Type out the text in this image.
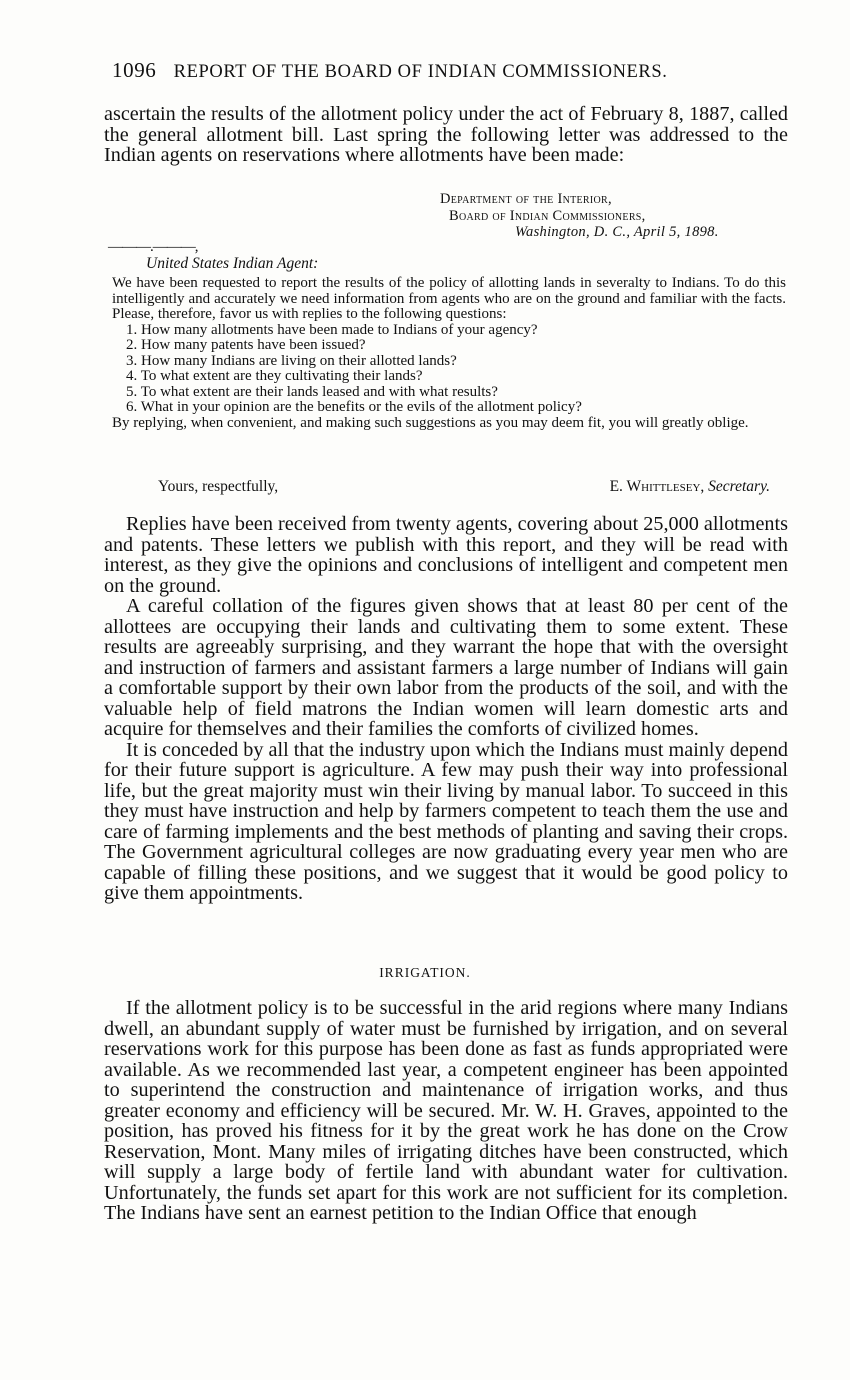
1096 REPORT OF THE BOARD OF INDIAN COMMISSIONERS.

ascertain the results of the allotment policy under the act of February 8, 1887, called the general allotment bill. Last spring the following letter was addressed to the Indian agents on reservations where allotments have been made:

Department of the Interior,
Board of Indian Commissioners,
Washington, D. C., April 5, 1898.
———.———,
United States Indian Agent:

We have been requested to report the results of the policy of allotting lands in severalty to Indians. To do this intelligently and accurately we need information from agents who are on the ground and familiar with the facts. Please, therefore, favor us with replies to the following questions:

1. How many allotments have been made to Indians of your agency?

2. How many patents have been issued?

3. How many Indians are living on their allotted lands?

4. To what extent are they cultivating their lands?

5. To what extent are their lands leased and with what results?

6. What in your opinion are the benefits or the evils of the allotment policy?

By replying, when convenient, and making such suggestions as you may deem fit, you will greatly oblige.

Yours, respectfully,	E. Whittlesey, Secretary.

Replies have been received from twenty agents, covering about 25,000 allotments and patents. These letters we publish with this report, and they will be read with interest, as they give the opinions and conclusions of intelligent and competent men on the ground.

A careful collation of the figures given shows that at least 80 per cent of the allottees are occupying their lands and cultivating them to some extent. These results are agreeably surprising, and they warrant the hope that with the oversight and instruction of farmers and assistant farmers a large number of Indians will gain a comfortable support by their own labor from the products of the soil, and with the valuable help of field matrons the Indian women will learn domestic arts and acquire for themselves and their families the comforts of civilized homes.

It is conceded by all that the industry upon which the Indians must mainly depend for their future support is agriculture. A few may push their way into professional life, but the great majority must win their living by manual labor. To succeed in this they must have instruction and help by farmers competent to teach them the use and care of farming implements and the best methods of planting and saving their crops. The Government agricultural colleges are now graduating every year men who are capable of filling these positions, and we suggest that it would be good policy to give them appointments.

IRRIGATION.

If the allotment policy is to be successful in the arid regions where many Indians dwell, an abundant supply of water must be furnished by irrigation, and on several reservations work for this purpose has been done as fast as funds appropriated were available. As we recommended last year, a competent engineer has been appointed to superintend the construction and maintenance of irrigation works, and thus greater economy and efficiency will be secured. Mr. W. H. Graves, appointed to the position, has proved his fitness for it by the great work he has done on the Crow Reservation, Mont. Many miles of irrigating ditches have been constructed, which will supply a large body of fertile land with abundant water for cultivation. Unfortunately, the funds set apart for this work are not sufficient for its completion. The Indians have sent an earnest petition to the Indian Office that enough
